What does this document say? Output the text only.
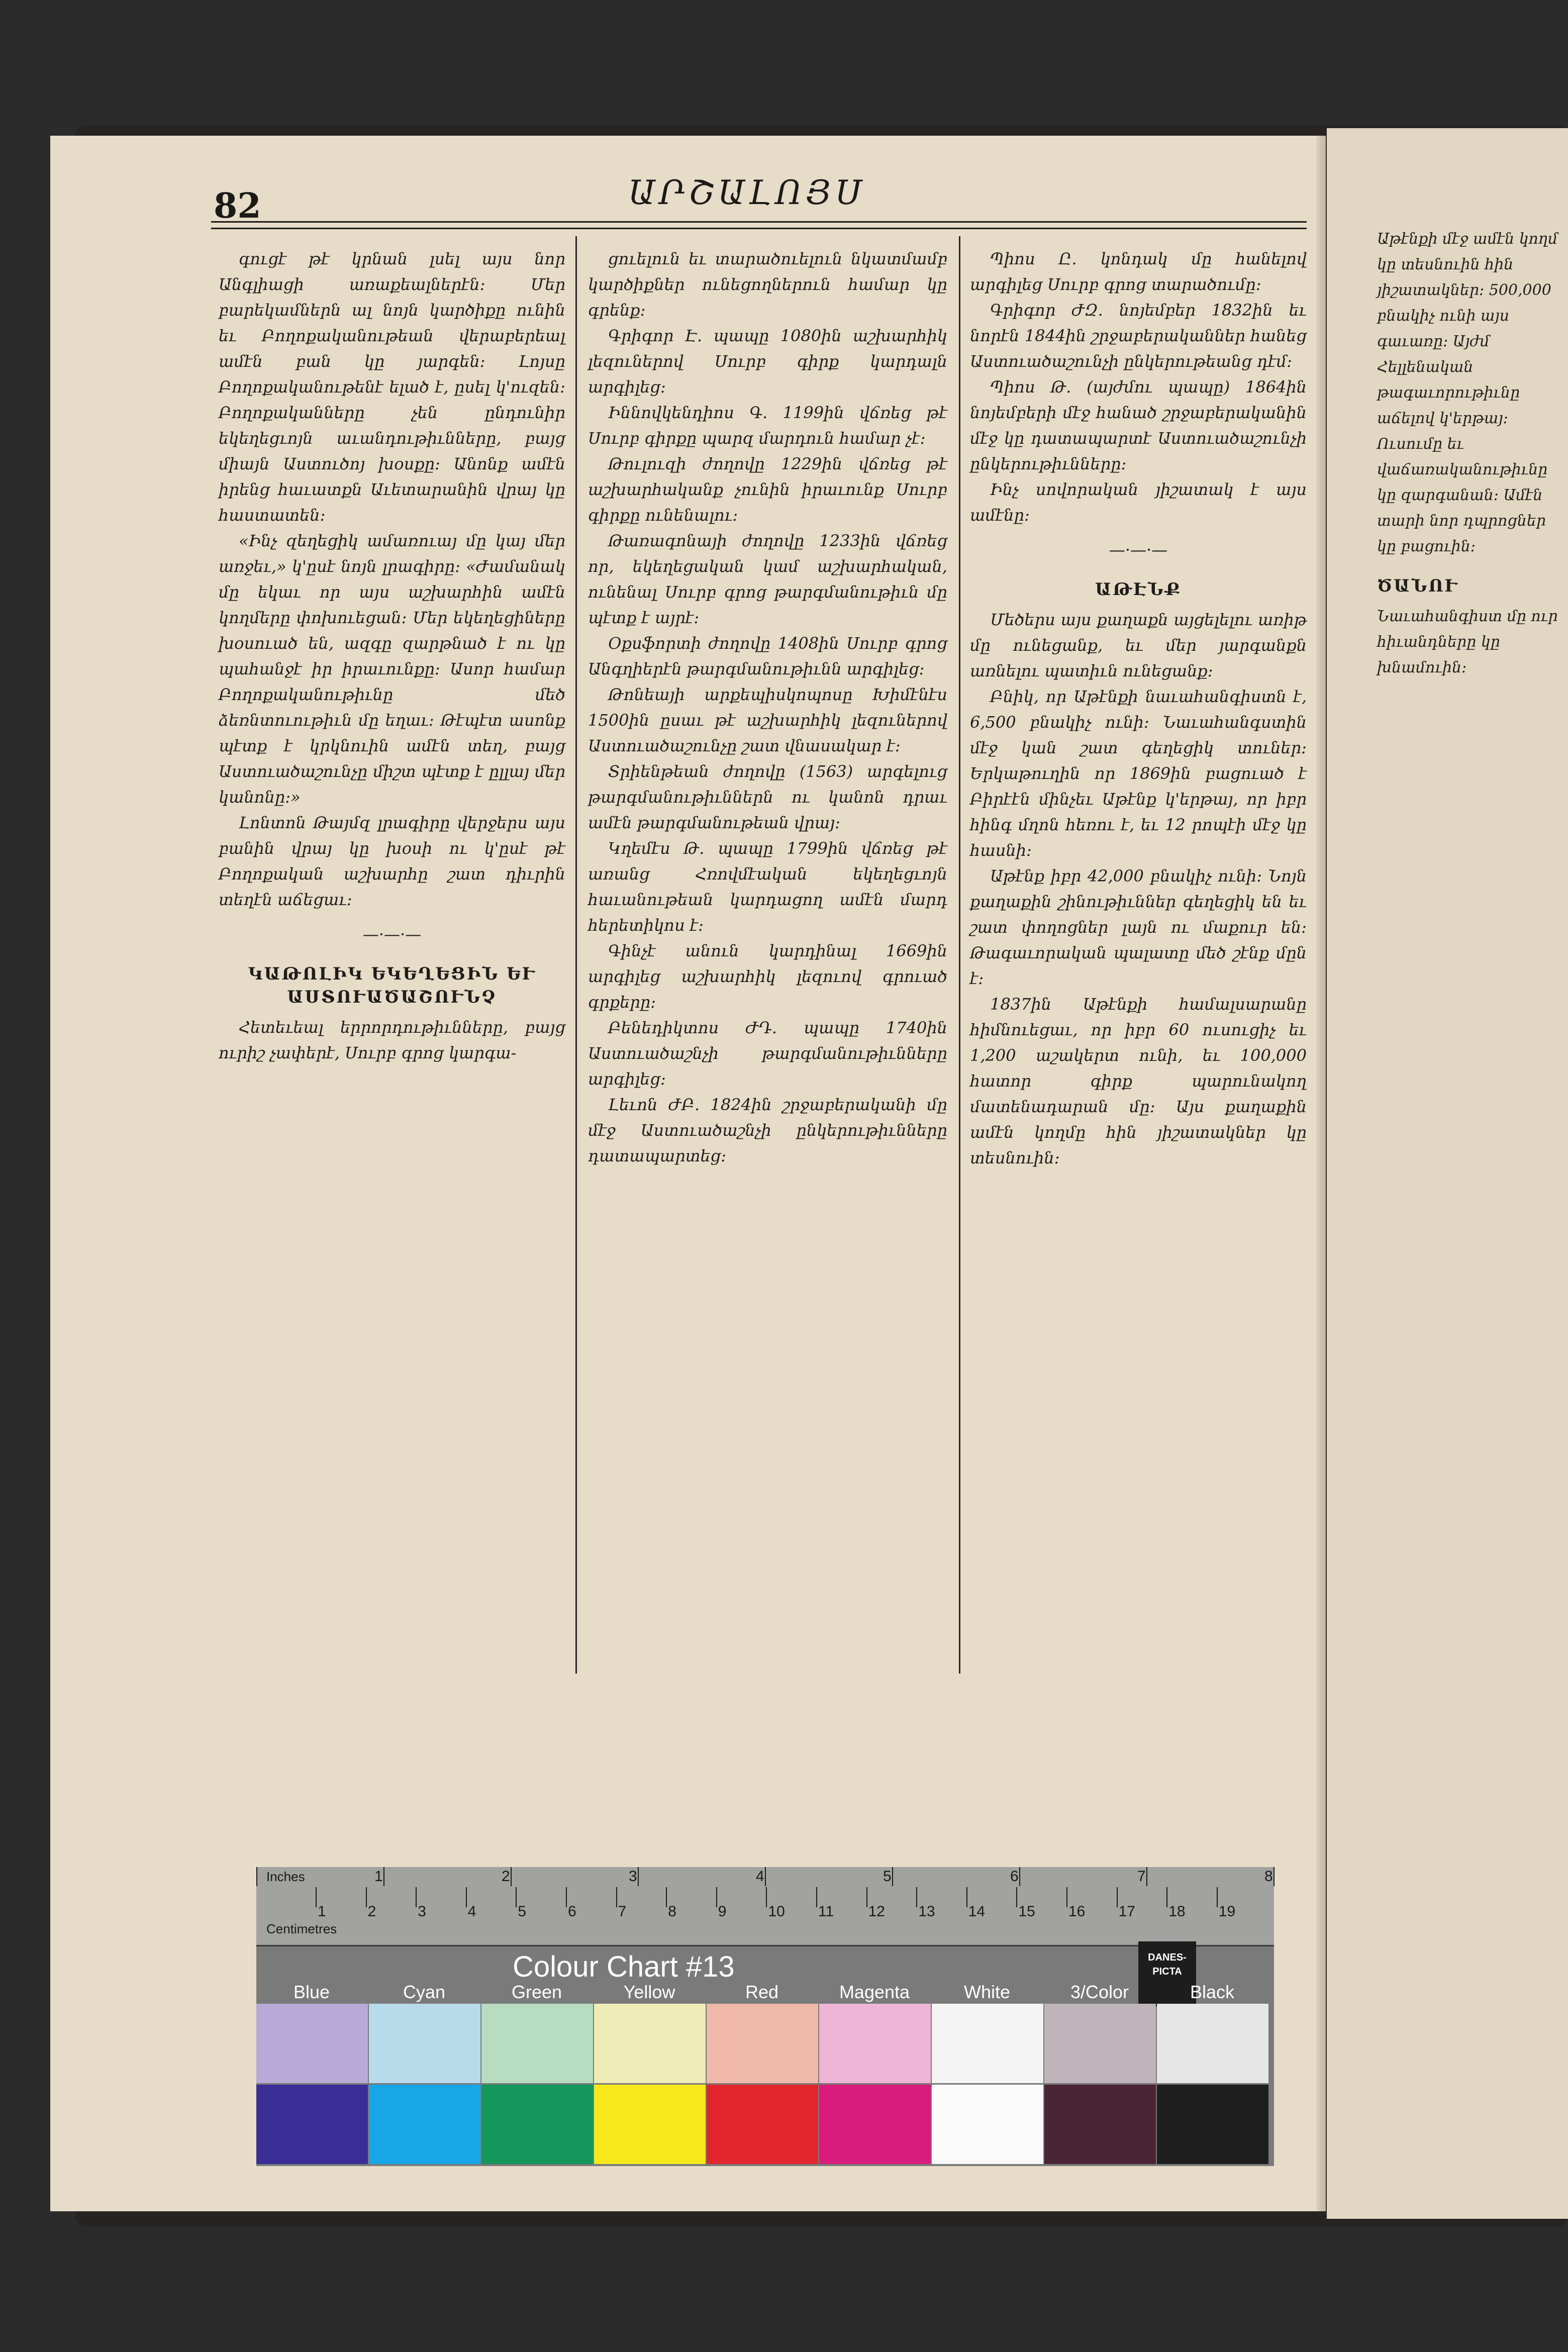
82	ԱՐՇԱԼՈՅՍ

գուցէ թէ կրնան լսել այս նոր Անգլիացի առաքեալներէն։ Մեր բարեկամներն ալ նոյն կարծիքը ունին եւ Բողոքականութեան վերաբերեալ ամէն բան կը յարգեն։ Լոյսը Բողոքականութենէ ելած է, ըսել կ'ուզեն։ Բողոքականները չեն ընդունիր եկեղեցւոյն աւանդութիւնները, բայց միայն Աստուծոյ խօսքը։ Անոնք ամէն իրենց հաւատքն Աւետարանին վրայ կը հաստատեն։

«Ինչ զեղեցիկ ամառուայ մը կայ մեր առջեւ,» կ'ըսէ նոյն լրագիրը։ «Ժամանակ մը եկաւ որ այս աշխարհին ամէն կողմերը փոխուեցան։ Մեր եկեղեցիները խօսուած են, ազգը զարթնած է ու կը պահանջէ իր իրաւունքը։ Ասոր համար Բողոքականութիւնը մեծ ձեռնտուութիւն մը եղաւ։ Թէպէտ ասոնք պէտք է կրկնուին ամէն տեղ, բայց Աստուածաշունչը միշտ պէտք է ըլլայ մեր կանոնը։»

Լոնտոն Թայմզ լրագիրը վերջերս այս բանին վրայ կը խօսի ու կ'ըսէ թէ Բողոքական աշխարհը շատ դիւրին տեղէն աճեցաւ։

—·—·—
ԿԱԹՈԼԻԿ ԵԿԵՂԵՑԻՆ ԵՒ ԱՍՏՈՒԱԾԱՇՈՒՆՉ

Հետեւեալ երրորդութիւնները, բայց ուրիշ չափերէ, Սուրբ գրոց կարգա-

ցուելուն եւ տարածուելուն նկատմամբ կարծիքներ ունեցողներուն համար կը գրենք։

Գրիգոր Է. պապը 1080ին աշխարհիկ լեզուներով Սուրբ գիրք կարդալն արգիլեց։

Իննովկենդիոս Գ. 1199ին վճռեց թէ Սուրբ գիրքը պարզ մարդուն համար չէ։

Թուլուզի ժողովը 1229ին վճռեց թէ աշխարհականք չունին իրաւունք Սուրբ գիրքը ունենալու։

Թառագոնայի ժողովը 1233ին վճռեց որ, եկեղեցական կամ աշխարհական, ունենալ Սուրբ գրոց թարգմանութիւն մը պէտք է այրէ։

Օքսֆորտի ժողովը 1408ին Սուրբ գրոց Անգղիերէն թարգմանութիւնն արգիլեց։

Թոնեայի արքեպիսկոպոսը Խիմէնէս 1500ին ըսաւ թէ աշխարհիկ լեզուներով Աստուածաշունչը շատ վնասակար է։

Տրիենթեան ժողովը (1563) արգելուց թարգմանութիւններն ու կանոն դրաւ ամէն թարգմանութեան վրայ։

Կղեմէս Թ. պապը 1799ին վճռեց թէ առանց Հռովմէական եկեղեցւոյն հաւանութեան կարդացող ամէն մարդ հերետիկոս է։

Գինչէ անուն կարդինալ 1669ին արգիլեց աշխարհիկ լեզուով գրուած գրքերը։

Բենեդիկտոս ԺԴ. պապը 1740ին Աստուածաշնչի թարգմանութիւնները արգիլեց։

Լեւոն ԺԲ. 1824ին շրջաբերականի մը մէջ Աստուածաշնչի ընկերութիւնները դատապարտեց։

Պիոս Ը. կոնդակ մը հանելով արգիլեց Սուրբ գրոց տարածումը։

Գրիգոր ԺԶ. նոյեմբեր 1832ին եւ նորէն 1844ին շրջաբերականներ հանեց Աստուածաշունչի ընկերութեանց դէմ։

Պիոս Թ. (այժմու պապը) 1864ին նոյեմբերի մէջ հանած շրջաբերականին մէջ կը դատապարտէ Աստուածաշունչի ընկերութիւնները։

Ինչ սովորական յիշատակ է այս ամէնը։

—·—·—
ԱԹԷՆՔ

Մեծերս այս քաղաքն այցելելու առիթ մը ունեցանք, եւ մեր յարգանքն առնելու պատիւն ունեցանք։

Բնիկ, որ Աթէնքի նաւահանգիստն է, 6,500 բնակիչ ունի։ Նաւահանգստին մէջ կան շատ գեղեցիկ տուներ։ Երկաթուղին որ 1869ին բացուած է Բիրէէն մինչեւ Աթէնք կ'երթայ, որ իբր հինգ մղոն հեռու է, եւ 12 րոպէի մէջ կը հասնի։

Աթէնք իբր 42,000 բնակիչ ունի։ Նոյն քաղաքին շինութիւններ գեղեցիկ են եւ շատ փողոցներ լայն ու մաքուր են։ Թագաւորական պալատը մեծ շէնք մըն է։

1837ին Աթէնքի համալսարանը հիմնուեցաւ, որ իբր 60 ուսուցիչ եւ 1,200 աշակերտ ունի, եւ 100,000 հատոր գիրք պարունակող մատենադարան մը։ Այս քաղաքին ամէն կողմը հին յիշատակներ կը տեսնուին։

Աթէնքի մէջ ամէն կողմ կը տեսնուին հին յիշատակներ։ 500,000 բնակիչ ունի այս գաւառը։ Այժմ Հելլենական թագաւորութիւնը աճելով կ'երթայ։ Ուսումը եւ վաճառականութիւնը կը զարգանան։ Ամէն տարի նոր դպրոցներ կը բացուին։

ԾԱՆՈՒ

Նաւահանգիստ մը ուր հիւանդները կը խնամուին։

Inches
Centimetres
1	2	3	4	5	6	7	8
1	2	3	4	5	6	7	8	9	10 11 12 13 14 15 16 17 18 19
Colour Chart #13	DANES-PICTA
Blue	Cyan	Green	Yellow	Red	Magenta	White	3/Color	Black
